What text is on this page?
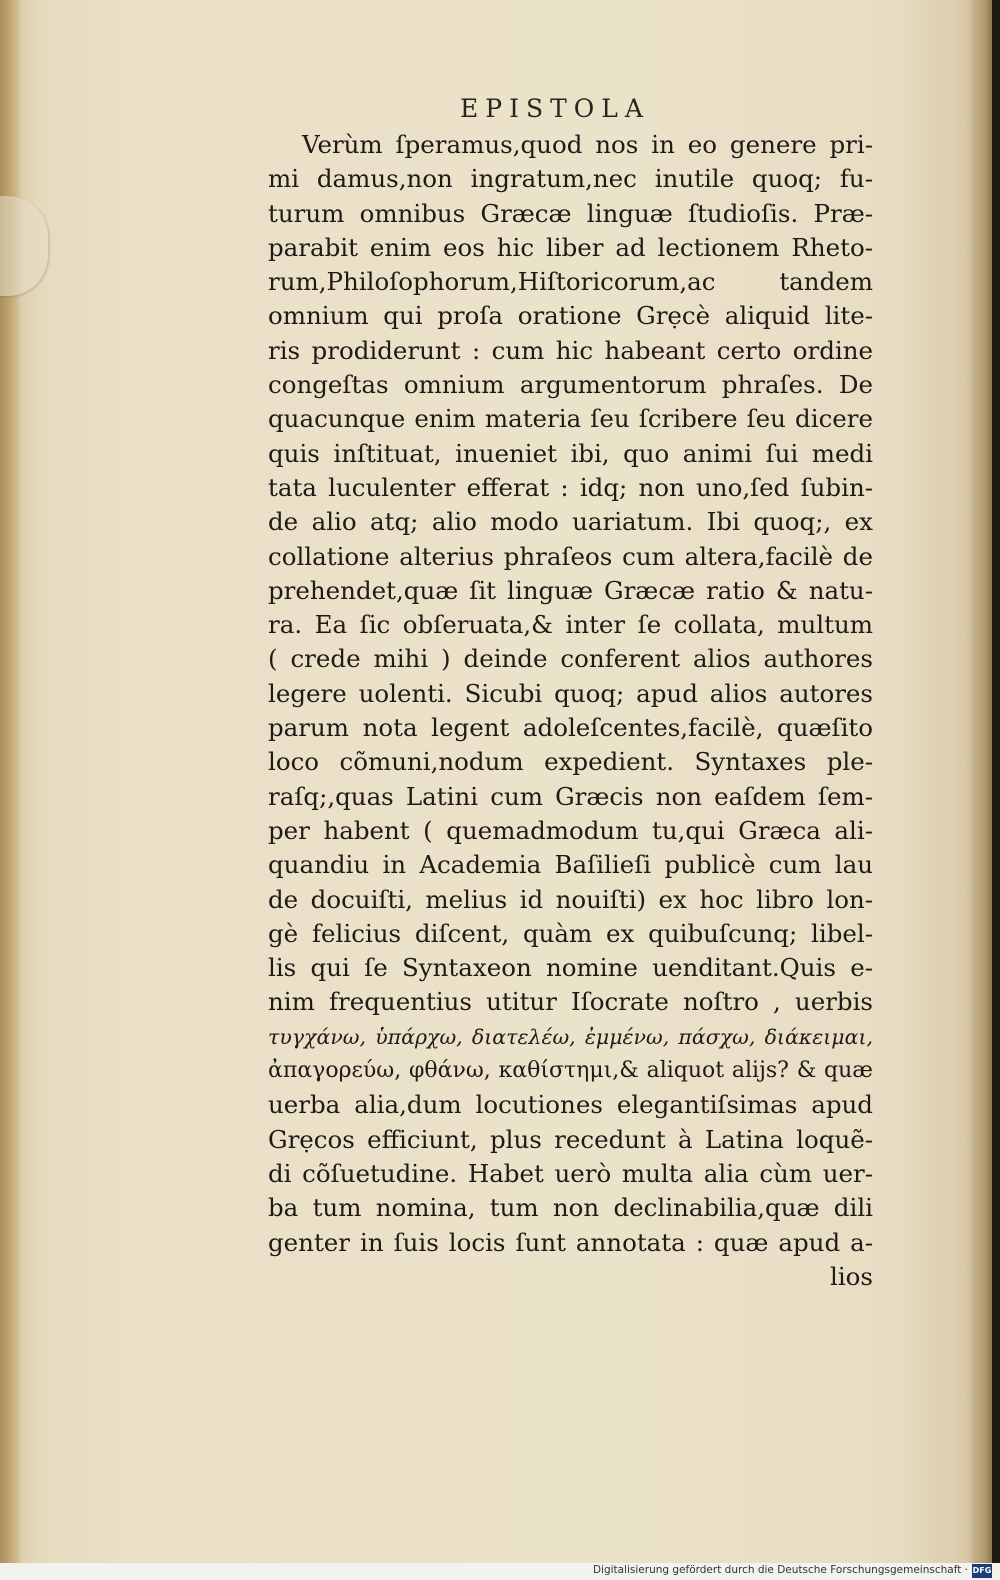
EPISTOLA
Verùm ſperamus,quod nos in eo genere pri-
mi damus,non ingratum,nec inutile quoq; fu-
turum omnibus Græcæ linguæ ſtudioſis. Præ-
parabit enim eos hic liber ad lectionem Rheto-
rum,Philoſophorum,Hiſtoricorum,ac tandem
omnium qui proſa oratione Grẹcè aliquid lite-
ris prodiderunt : cum hic habeant certo ordine
congeſtas omnium argumentorum phraſes. De
quacunque enim materia ſeu ſcribere ſeu dicere
quis inſtituat, inueniet ibi, quo animi ſui medi
tata luculenter efferat : idq; non uno,ſed ſubin-
de alio atq; alio modo uariatum. Ibi quoq;, ex
collatione alterius phraſeos cum altera,facilè de
prehendet,quæ ſit linguæ Græcæ ratio & natu-
ra. Ea ſic obſeruata,& inter ſe collata, multum
( crede mihi ) deinde conferent alios authores
legere uolenti. Sicubi quoq; apud alios autores
parum nota legent adoleſcentes,facilè, quæſito
loco cõmuni,nodum expedient. Syntaxes ple-
raſq;,quas Latini cum Græcis non eaſdem ſem-
per habent ( quemadmodum tu,qui Græca ali-
quandiu in Academia Baſilieſi publicè cum lau
de docuiſti, melius id nouiſti) ex hoc libro lon-
gè felicius diſcent, quàm ex quibuſcunq; libel-
lis qui ſe Syntaxeon nomine uenditant.Quis e-
nim frequentius utitur Iſocrate noſtro , uerbis
τυγχάνω, ὑπάρχω, διατελέω, ἐμμένω, πάσχω, διάκειμαι,
ἀπαγορεύω, φθάνω, καθίστημι,& aliquot alijs? & quæ
uerba alia,dum locutiones elegantiſsimas apud
Grẹcos efficiunt, plus recedunt à Latina loquẽ-
di cõſuetudine. Habet uerò multa alia cùm uer-
ba tum nomina, tum non declinabilia,quæ dili
genter in ſuis locis ſunt annotata : quæ apud a-
lios
Digitalisierung gefördert durch die Deutsche Forschungsgemeinschaft · DFG
